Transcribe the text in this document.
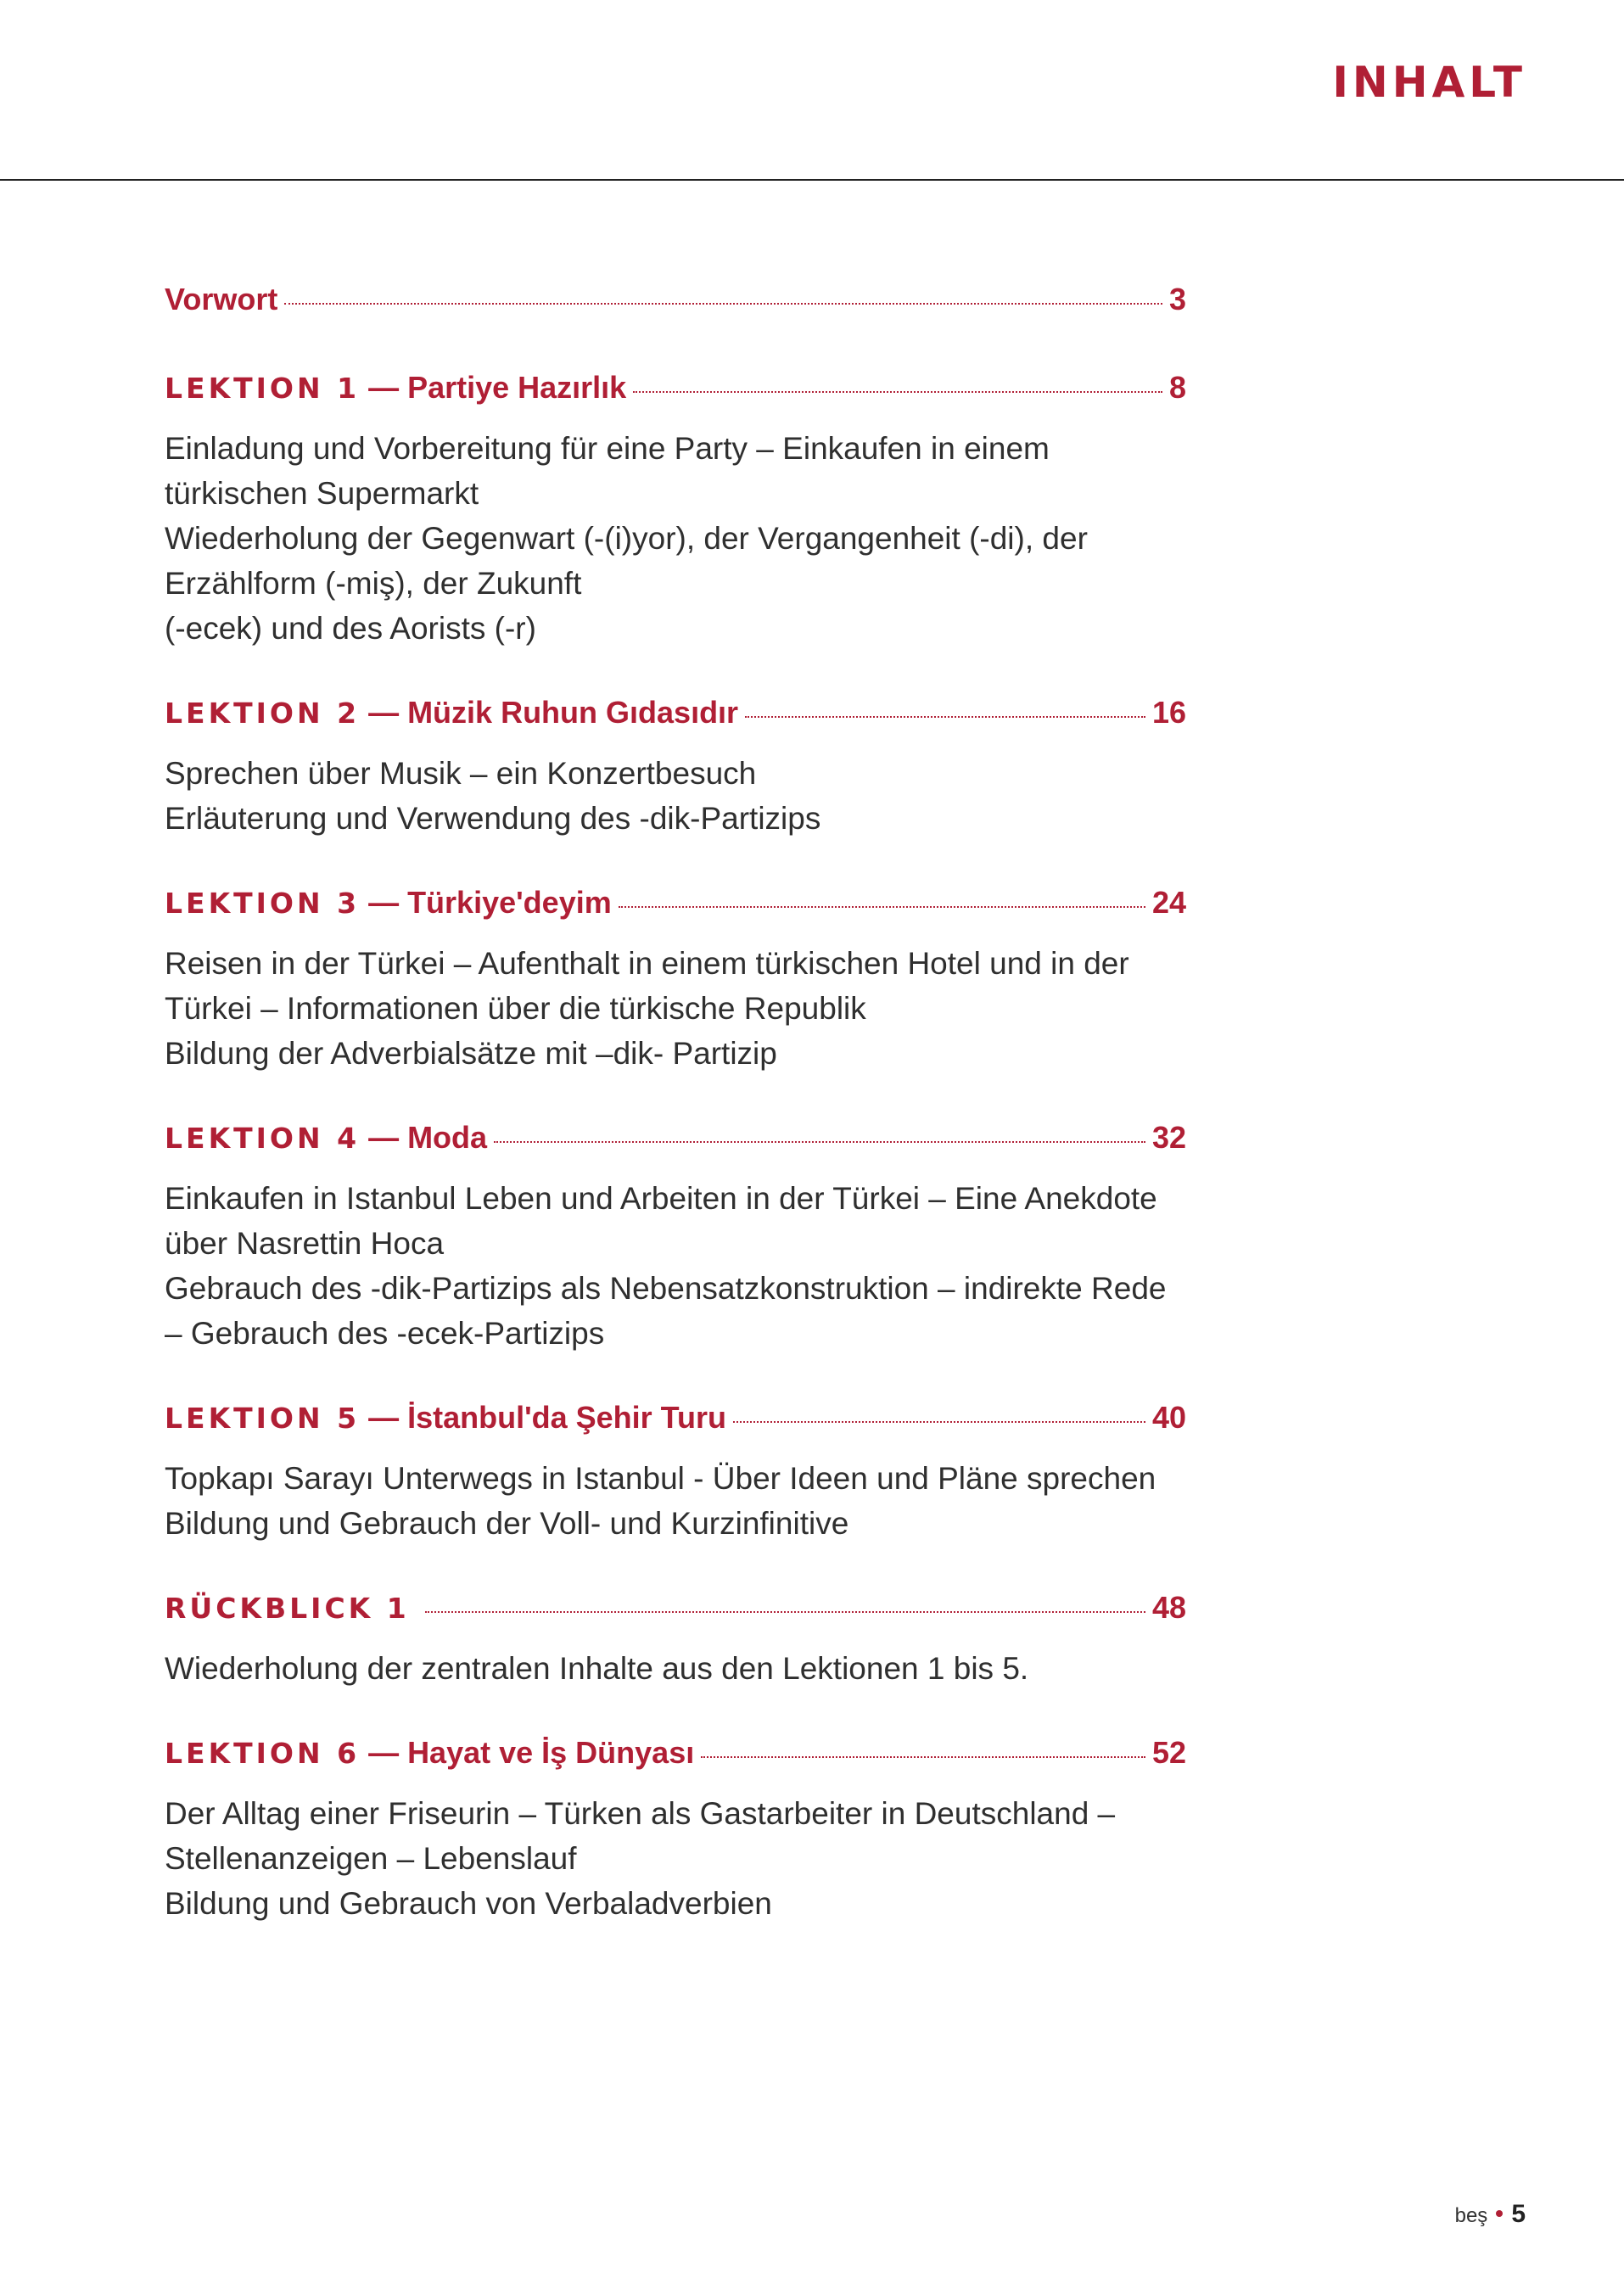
INHALT
Vorwort	3
LEKTION 1 — Partiye Hazırlık	8

Einladung und Vorbereitung für eine Party – Einkaufen in einem

türkischen Supermarkt

Wiederholung der Gegenwart (-(i)yor), der Vergangenheit (-di), der

Erzählform (-miş), der Zukunft

(-ecek) und des Aorists (-r)

LEKTION 2 — Müzik Ruhun Gıdasıdır	16

Sprechen über Musik – ein Konzertbesuch

Erläuterung und Verwendung des -dik-Partizips

LEKTION 3 — Türkiye'deyim	24

Reisen in der Türkei – Aufenthalt in einem türkischen Hotel und in der

Türkei – Informationen über die türkische Republik

Bildung der Adverbialsätze mit –dik- Partizip

LEKTION 4 — Moda	32

Einkaufen in Istanbul Leben und Arbeiten in der Türkei – Eine Anekdote

über Nasrettin Hoca

Gebrauch des -dik-Partizips als Nebensatzkonstruktion – indirekte Rede

– Gebrauch des -ecek-Partizips

LEKTION 5 — İstanbul'da Şehir Turu	40

Topkapı Sarayı Unterwegs in Istanbul - Über Ideen und Pläne sprechen

Bildung und Gebrauch der Voll- und Kurzinfinitive

RÜCKBLICK 1	48

Wiederholung der zentralen Inhalte aus den Lektionen 1 bis 5.

LEKTION 6 — Hayat ve İş Dünyası	52

Der Alltag einer Friseurin – Türken als Gastarbeiter in Deutschland –

Stellenanzeigen – Lebenslauf

Bildung und Gebrauch von Verbaladverbien

beş 5
